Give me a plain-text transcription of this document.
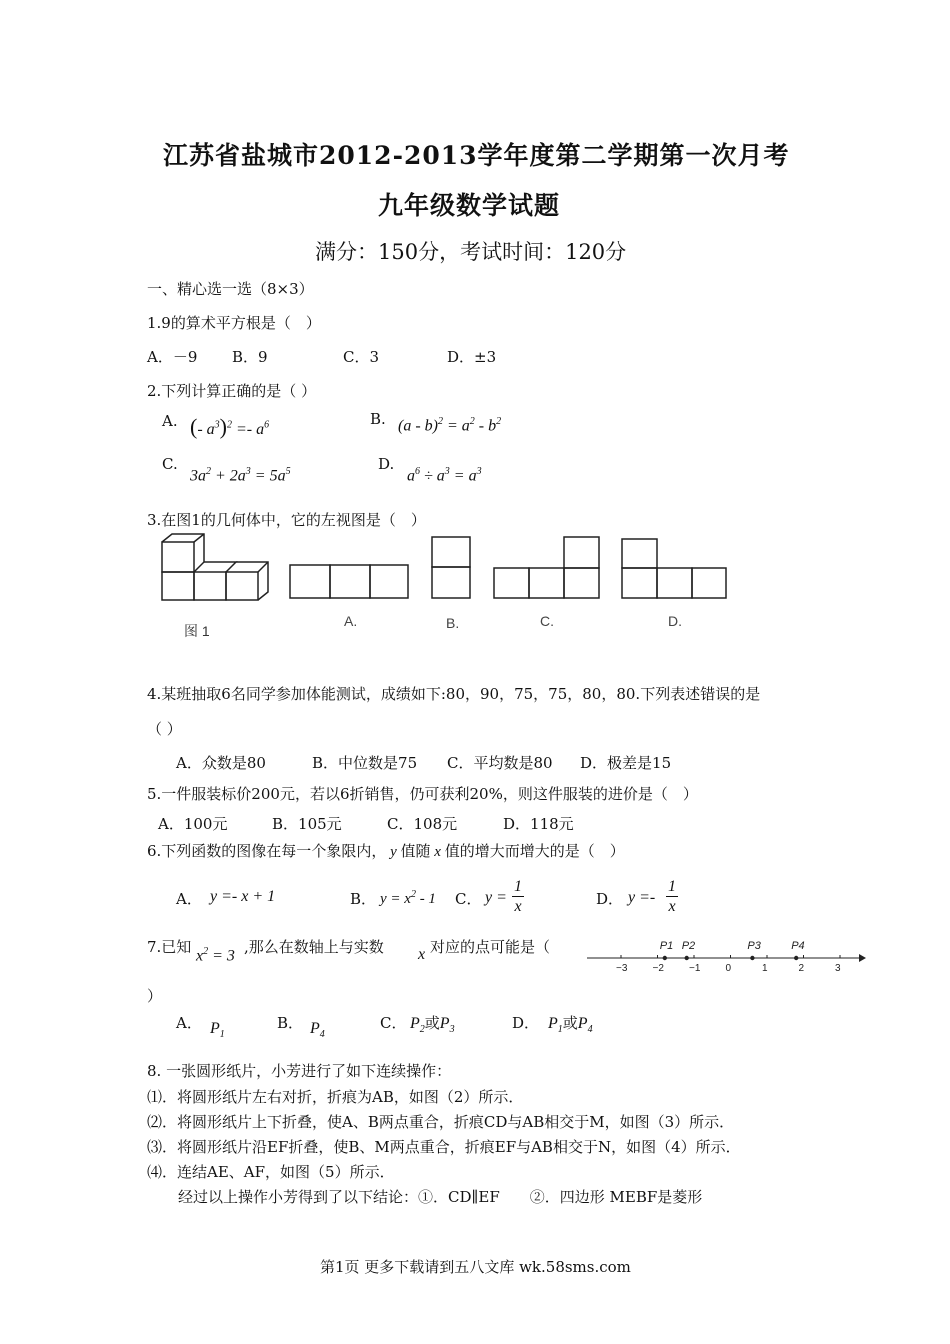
江苏省盐城市2012-2013学年度第二学期第一次月考
九年级数学试题
满分：150分，考试时间：120分
一、精心选一选（8×3）
1.9的算术平方根是（　）
A．－9 B．9	C．3	D．±3
2.下列计算正确的是（ ）
A. (- $a^3)^2 =- a^6$	B. $(a - b)^2 = a^2 - b^2$
C.
$3a^2 + 2a^3 = 5a^5$	D.
$a^6 \div a^3 = a^3$
3.在图1的几何体中，它的左视图是（　）
图 1
A.	B.	C.	D.
4.某班抽取6名同学参加体能测试，成绩如下:80，90，75，75，80，80.下列表述错误的是
（ ）
A．众数是80	B．中位数是75 C．平均数是80 D．极差是15
5.一件服装标价200元，若以6折销售，仍可获利20%，则这件服装的进价是（　）
A．100元	B．105元	C．108元	D．118元
6.下列函数的图像在每一个象限内， y 值随 x 值的增大而增大的是（　）
A． y =- x + 1	B． $y = x^2 - 1$ C． y =
1
x	D． y =-
1
x
7.已知 $x^2 = 3$ ,那么在数轴上与实数 x 对应的点可能是（
）
−3	−2	−1	0	1	2	3
P1 P2	P3	P4
A． $P_1$
B． $P_4$
C． $P_2$或$P_3$	D． $P_1$或$P_4$
8. 一张圆形纸片，小芳进行了如下连续操作：
⑴．将圆形纸片左右对折，折痕为AB，如图（2）所示．
⑵．将圆形纸片上下折叠，使A、B两点重合，折痕CD与AB相交于M，如图（3）所示．
⑶．将圆形纸片沿EF折叠，使B、M两点重合，折痕EF与AB相交于N，如图（4）所示．
⑷．连结AE、AF，如图（5）所示．
经过以上操作小芳得到了以下结论：①．CD∥EF　　②．四边形 MEBF是菱形
第1页 更多下载请到五八文库 wk.58sms.com
